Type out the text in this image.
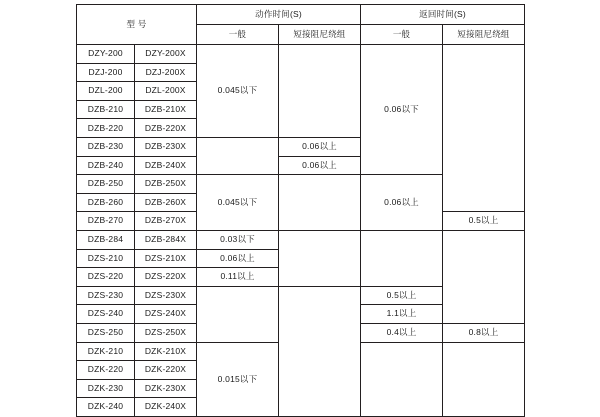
型 号		动作时间(S)		返回时间(S)	
		一般	短接阻尼绕组	一般	短接阻尼绕组
DZY-200	DZY-200X	0.045以下		0.06以下	
DZJ-200	DZJ-200X				
DZL-200	DZL-200X				
DZB-210	DZB-210X				
DZB-220	DZB-220X				
DZB-230	DZB-230X		0.06以上		
DZB-240	DZB-240X		0.06以上		
DZB-250	DZB-250X	0.045以下		0.06以上	
DZB-260	DZB-260X				
DZB-270	DZB-270X				0.5以上
DZB-284	DZB-284X	0.03以下			
DZS-210	DZS-210X	0.06以上			
DZS-220	DZS-220X	0.11以上			
DZS-230	DZS-230X			0.5以上	
DZS-240	DZS-240X			1.1以上	
DZS-250	DZS-250X			0.4以上	0.8以上
DZK-210	DZK-210X	0.015以下			
DZK-220	DZK-220X				
DZK-230	DZK-230X				
DZK-240	DZK-240X				
